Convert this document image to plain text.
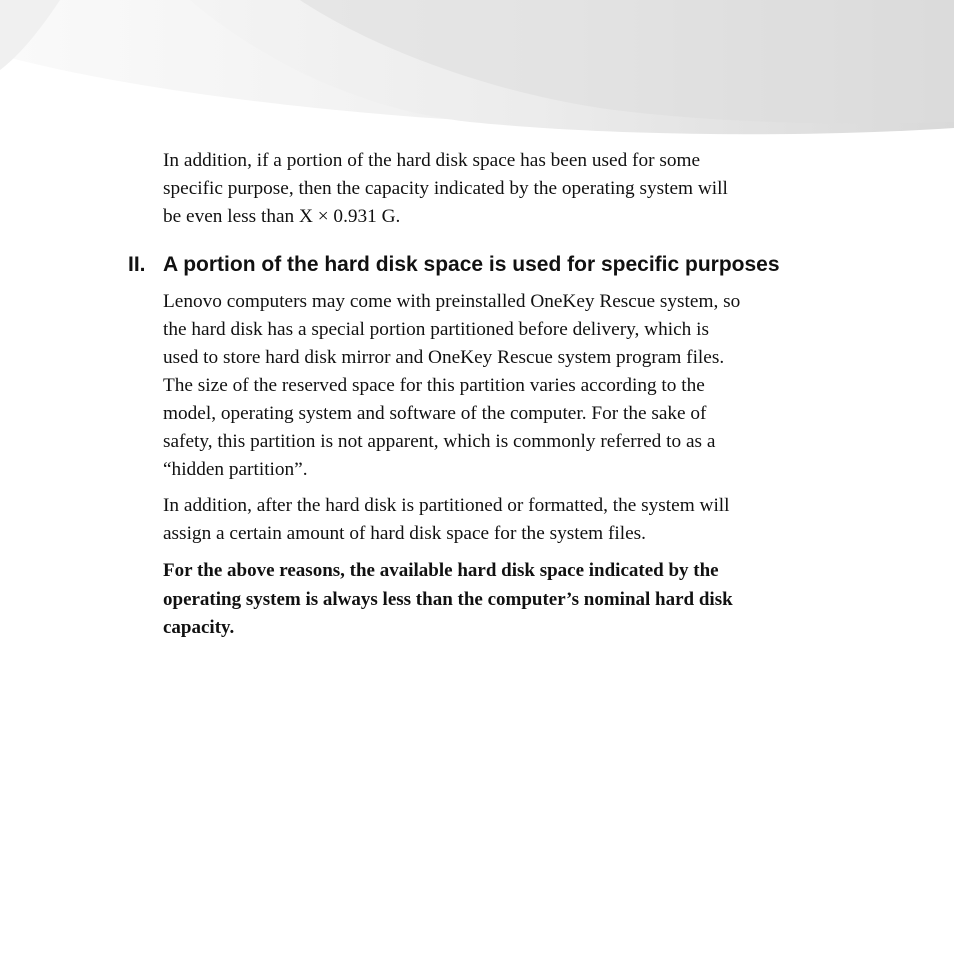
In addition, if a portion of the hard disk space has been used for some
specific purpose, then the capacity indicated by the operating system will
be even less than X × 0.931 G.
II. A portion of the hard disk space is used for specific purposes
Lenovo computers may come with preinstalled OneKey Rescue system, so
the hard disk has a special portion partitioned before delivery, which is
used to store hard disk mirror and OneKey Rescue system program files.
The size of the reserved space for this partition varies according to the
model, operating system and software of the computer. For the sake of
safety, this partition is not apparent, which is commonly referred to as a
“hidden partition”.
In addition, after the hard disk is partitioned or formatted, the system will
assign a certain amount of hard disk space for the system files.
For the above reasons, the available hard disk space indicated by the
operating system is always less than the computer’s nominal hard disk
capacity.
